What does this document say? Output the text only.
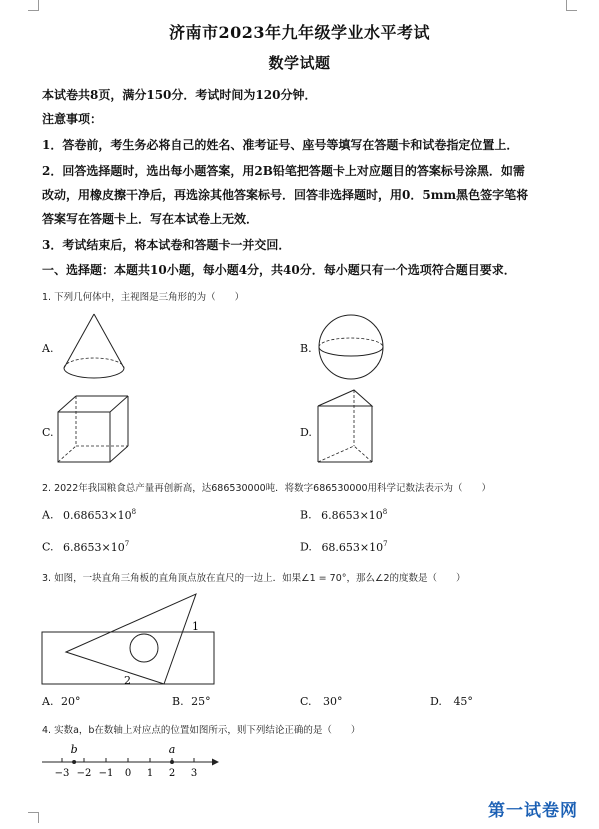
济南市2023年九年级学业水平考试
数学试题
本试卷共8页，满分150分．考试时间为120分钟．
注意事项：
1．答卷前，考生务必将自己的姓名、准考证号、座号等填写在答题卡和试卷指定位置上．
2．回答选择题时，选出每小题答案，用2B铅笔把答题卡上对应题目的答案标号涂黑．如需
改动，用橡皮擦干净后，再选涂其他答案标号．回答非选择题时，用0．5mm黑色签字笔将
答案写在答题卡上．写在本试卷上无效．
3．考试结束后，将本试卷和答题卡一并交回．
一、选择题：本题共10小题，每小题4分，共40分．每小题只有一个选项符合题目要求．
1. 下列几何体中，主视图是三角形的为（　　）
A.	B.
C.	D.
2. 2022年我国粮食总产量再创新高，达686530000吨．将数字686530000用科学记数法表示为（　　）
A. $0.68653\times 10^8$	B. $6.8653\times 10^8$
C. $6.8653\times 10^7$	D. $68.653\times 10^7$
3. 如图，一块直角三角板的直角顶点放在直尺的一边上．如果∠1 = 70°，那么∠2的度数是（　　）
1
2
A. 20°	B. 25°	C. 30°	D. 45°
4. 实数a，b在数轴上对应点的位置如图所示，则下列结论正确的是（　　）
−3 −2 −1 0 1 2 3
b	a
第一试卷网
